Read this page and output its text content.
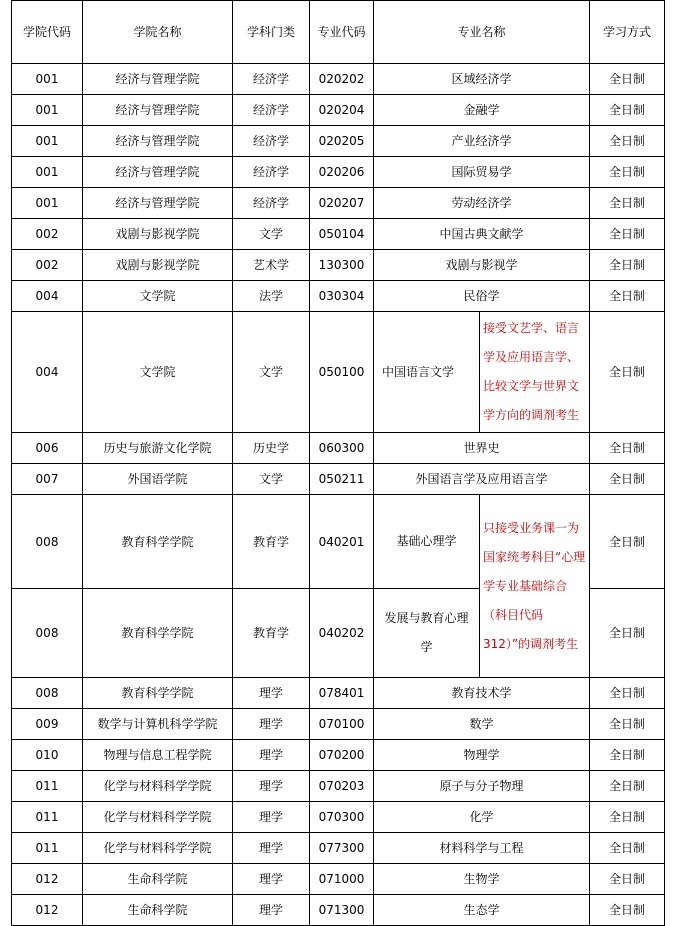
学院代码	学院名称	学科门类	专业代码	专业名称		学习方式
001	经济与管理学院	经济学	020202	区域经济学		全日制
001	经济与管理学院	经济学	020204	金融学		全日制
001	经济与管理学院	经济学	020205	产业经济学		全日制
001	经济与管理学院	经济学	020206	国际贸易学		全日制
001	经济与管理学院	经济学	020207	劳动经济学		全日制
002	戏剧与影视学院	文学	050104	中国古典文献学		全日制
002	戏剧与影视学院	艺术学	130300	戏剧与影视学		全日制
004	文学院	法学	030304	民俗学		全日制
004	文学院	文学	050100	中国语言文学	接受文艺学、语言学及应用语言学、比较文学与世界文学方向的调剂考生	全日制
006	历史与旅游文化学院	历史学	060300	世界史		全日制
007	外国语学院	文学	050211	外国语言学及应用语言学		全日制
008	教育科学学院	教育学	040201	基础心理学	只接受业务课一为国家统考科目“心理学专业基础综合（科目代码312）”的调剂考生	全日制
008	教育科学学院	教育学	040202	发展与教育心理学		全日制
008	教育科学学院	理学	078401	教育技术学		全日制
009	数学与计算机科学学院	理学	070100	数学		全日制
010	物理与信息工程学院	理学	070200	物理学		全日制
011	化学与材料科学学院	理学	070203	原子与分子物理		全日制
011	化学与材料科学学院	理学	070300	化学		全日制
011	化学与材料科学学院	理学	077300	材料科学与工程		全日制
012	生命科学院	理学	071000	生物学		全日制
012	生命科学院	理学	071300	生态学		全日制
